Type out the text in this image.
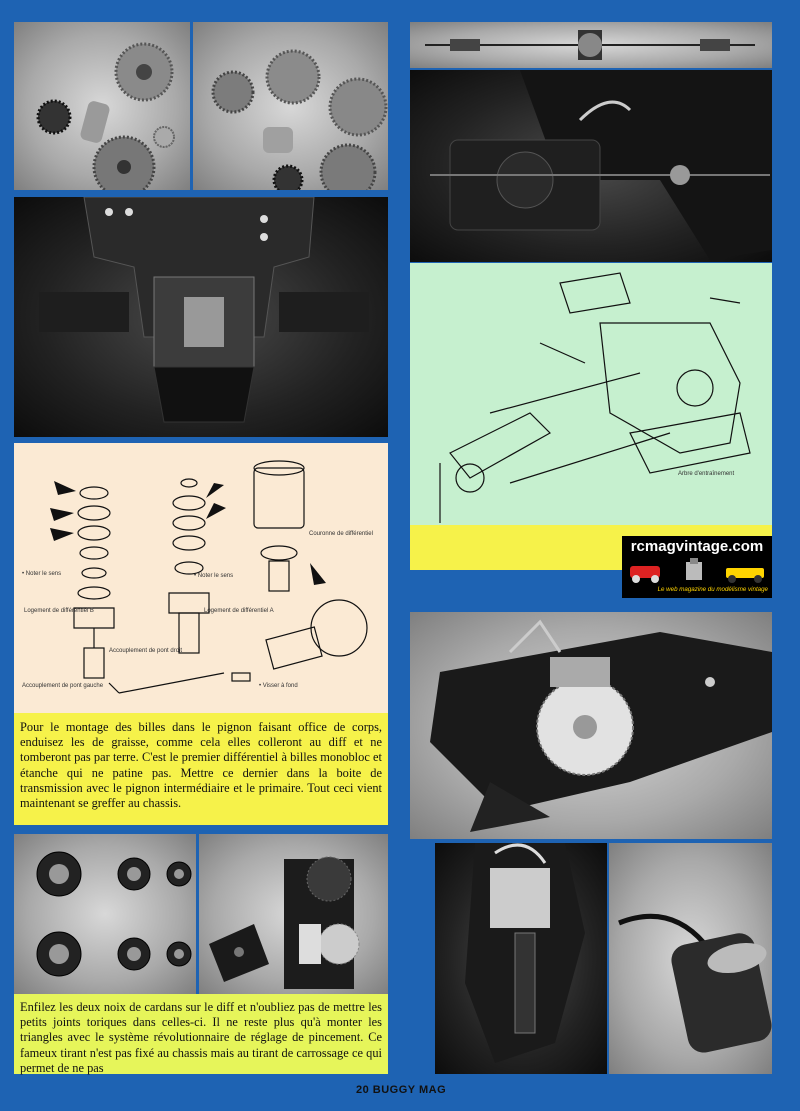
• Noter le sens	• Noter le sens
Logement de différentiel B	Logement de différentiel A
Couronne de différentiel
Accouplement de pont droit
Accouplement de pont gauche	• Visser à fond

Pour le montage des billes dans le pignon faisant office de corps, enduisez les de graisse, comme cela elles colleront au diff et ne tomberont pas par terre. C'est le premier différentiel à billes monobloc et étanche qui ne patine pas. Mettre ce dernier dans la boite de transmission avec le pignon intermédiaire et le primaire. Tout ceci vient maintenant se greffer au chassis.

Enfilez les deux noix de cardans sur le diff et n'oubliez pas de mettre les petits joints toriques dans celles-ci. Il ne reste plus qu'à monter les triangles avec le système révolutionnaire de réglage de pincement. Ce fameux tirant n'est pas fixé au chassis mais au tirant de carrossage ce qui permet de ne pas

Arbre d'entraînement
rcmagvintage.com
Le web magazine du modélisme vintage
20 BUGGY MAG
